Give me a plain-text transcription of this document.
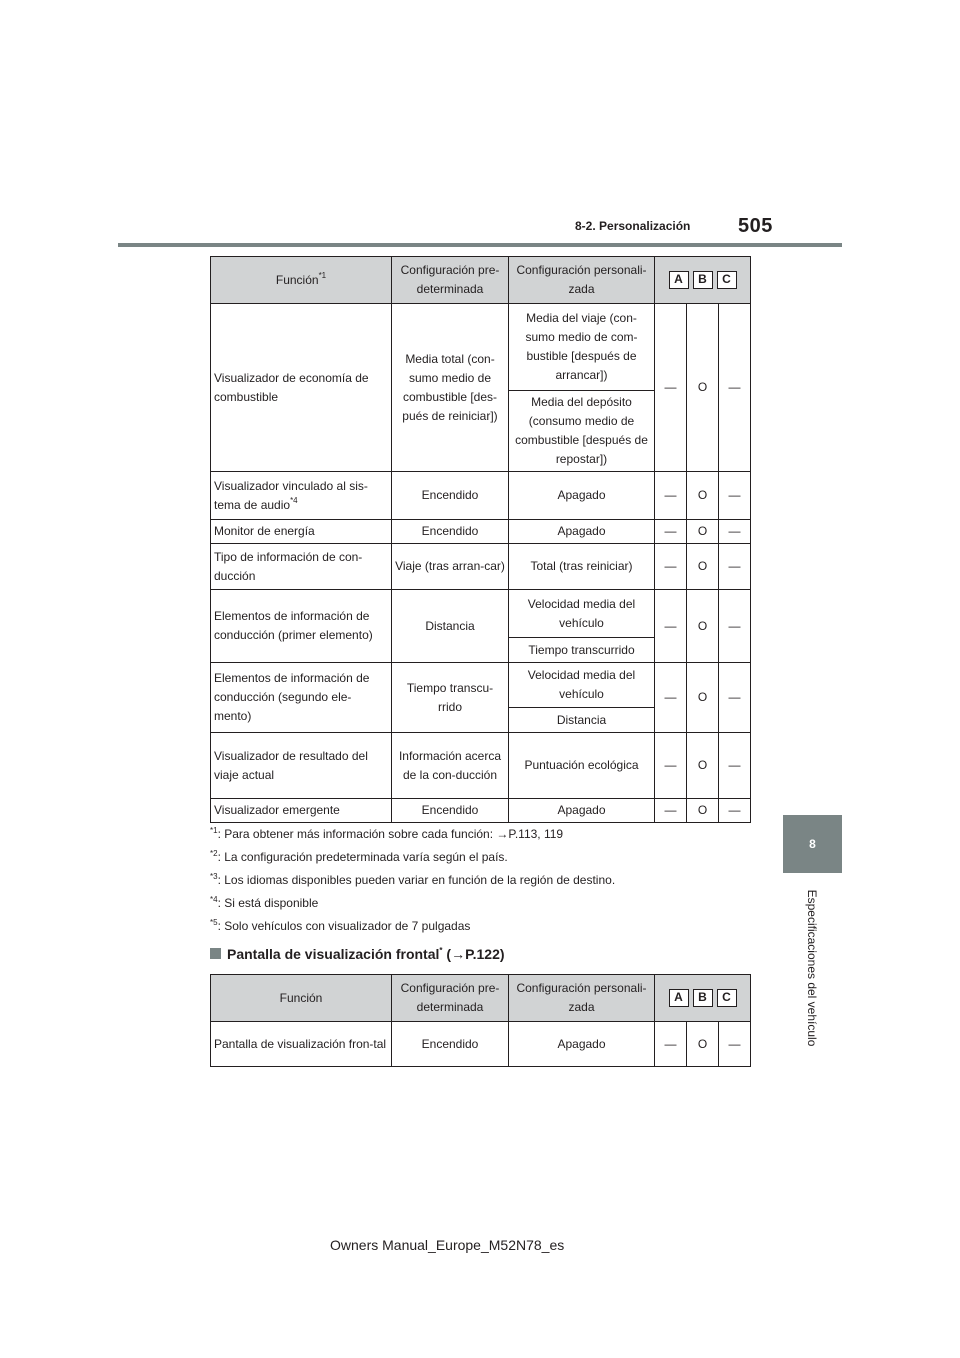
8-2. Personalización 505
8
Especificaciones del vehículo
Función$^{*1}$	Configuración pre-determinada	Configuración personali-zada	A B C		

Visualizador de economía de combustible	Media total (con-sumo medio de combustible [des-pués de reiniciar])	Media del viaje (con-sumo medio de com-bustible [después de arrancar])	—	O	—
		Media del depósito (consumo medio de combustible [después de repostar])			
Visualizador vinculado al sis-tema de audio$^{*4}$	Encendido	Apagado	—	O	—
Monitor de energía	Encendido	Apagado	—	O	—
Tipo de información de con-ducción	Viaje (tras arran-car)	Total (tras reiniciar)	—	O	—
Elementos de información de conducción (primer elemento)	Distancia	Velocidad media del vehículo	—	O	—
		Tiempo transcurrido			
Elementos de información de conducción (segundo ele-mento)	Tiempo transcu-rrido	Velocidad media del vehículo	—	O	—
		Distancia			
Visualizador de resultado del viaje actual	Información acerca de la con-ducción	Puntuación ecológica	—	O	—
Visualizador emergente	Encendido	Apagado	—	O	—
$^{*1}$: Para obtener más información sobre cada función: →P.113, 119
$^{*2}$: La configuración predeterminada varía según el país.
$^{*3}$: Los idiomas disponibles pueden variar en función de la región de destino.
$^{*4}$: Si está disponible
$^{*5}$: Solo vehículos con visualizador de 7 pulgadas
Pantalla de visualización frontal* (→P.122)
Función	Configuración pre-determinada	Configuración personali-zada	A B C		

Pantalla de visualización fron-tal	Encendido	Apagado	—	O	—
Owners Manual_Europe_M52N78_es
